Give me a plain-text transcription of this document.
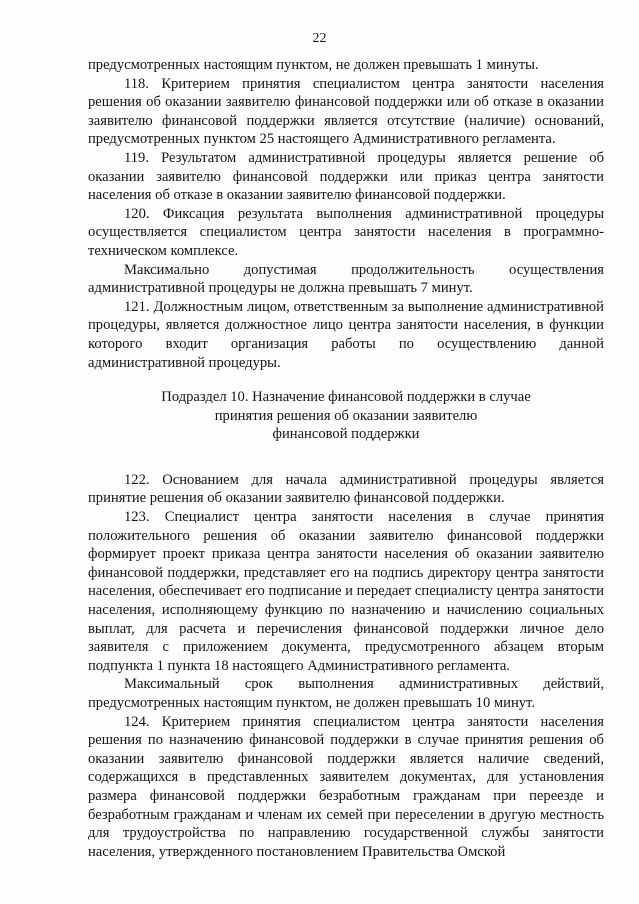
22

предусмотренных настоящим пунктом, не должен превышать 1 минуты.

118. Критерием принятия специалистом центра занятости населения решения об оказании заявителю финансовой поддержки или об отказе в оказании заявителю финансовой поддержки является отсутствие (наличие) оснований, предусмотренных пунктом 25 настоящего Административного регламента.

119. Результатом административной процедуры является решение об оказании заявителю финансовой поддержки или приказ центра занятости населения об отказе в оказании заявителю финансовой поддержки.

120. Фиксация результата выполнения административной процедуры осуществляется специалистом центра занятости населения в программно-техническом комплексе.

Максимально допустимая продолжительность осуществления административной процедуры не должна превышать 7 минут.

121. Должностным лицом, ответственным за выполнение административной процедуры, является должностное лицо центра занятости населения, в функции которого входит организация работы по осуществлению данной административной процедуры.

Подраздел 10. Назначение финансовой поддержки в случае
принятия решения об оказании заявителю
финансовой поддержки

122. Основанием для начала административной процедуры является принятие решения об оказании заявителю финансовой поддержки.

123. Специалист центра занятости населения в случае принятия положительного решения об оказании заявителю финансовой поддержки формирует проект приказа центра занятости населения об оказании заявителю финансовой поддержки, представляет его на подпись директору центра занятости населения, обеспечивает его подписание и передает специалисту центра занятости населения, исполняющему функцию по назначению и начислению социальных выплат, для расчета и перечисления финансовой поддержки личное дело заявителя с приложением документа, предусмотренного абзацем вторым подпункта 1 пункта 18 настоящего Административного регламента.

Максимальный срок выполнения административных действий, предусмотренных настоящим пунктом, не должен превышать 10 минут.

124. Критерием принятия специалистом центра занятости населения решения по назначению финансовой поддержки в случае принятия решения об оказании заявителю финансовой поддержки является наличие сведений, содержащихся в представленных заявителем документах, для установления размера финансовой поддержки безработным гражданам при переезде и безработным гражданам и членам их семей при переселении в другую местность для трудоустройства по направлению государственной службы занятости населения, утвержденного постановлением Правительства Омской
